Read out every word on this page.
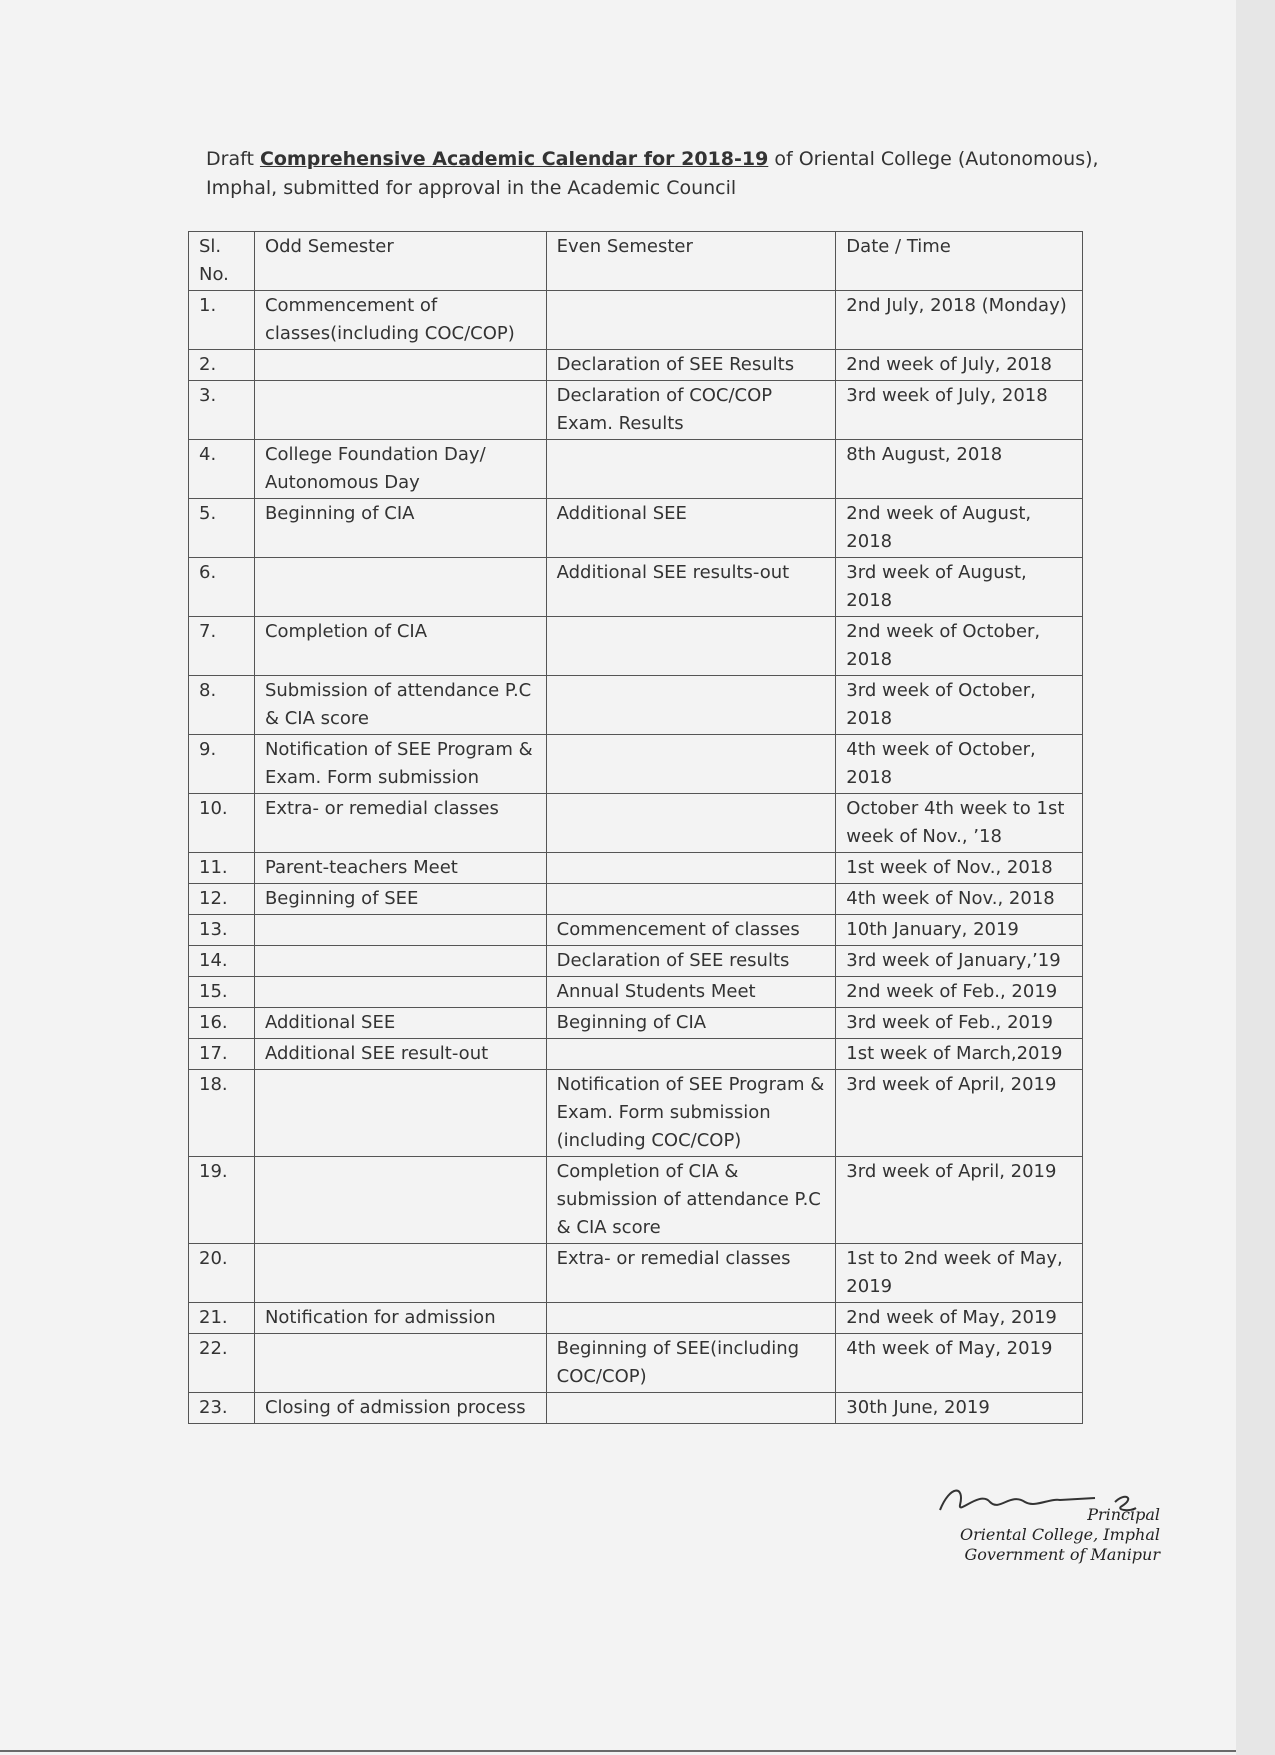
Draft Comprehensive Academic Calendar for 2018-19 of Oriental College (Autonomous),
Imphal, submitted for approval in the Academic Council
Sl. No.	Odd Semester	Even Semester	Date / Time
1.	Commencement of classes(including COC/COP)		2nd July, 2018 (Monday)
2.		Declaration of SEE Results	2nd week of July, 2018
3.		Declaration of COC/COP Exam. Results	3rd week of July, 2018
4.	College Foundation Day/ Autonomous Day		8th August, 2018
5.	Beginning of CIA	Additional SEE	2nd week of August, 2018
6.		Additional SEE results-out	3rd week of August, 2018
7.	Completion of CIA		2nd week of October, 2018
8.	Submission of attendance P.C & CIA score		3rd week of October, 2018
9.	Notification of SEE Program & Exam. Form submission		4th week of October, 2018
10.	Extra- or remedial classes		October 4th week to 1st week of Nov., ’18
11.	Parent-teachers Meet		1st week of Nov., 2018
12.	Beginning of SEE		4th week of Nov., 2018
13.		Commencement of classes	10th January, 2019
14.		Declaration of SEE results	3rd week of January,’19
15.		Annual Students Meet	2nd week of Feb., 2019
16.	Additional SEE	Beginning of CIA	3rd week of Feb., 2019
17.	Additional SEE result-out		1st week of March,2019
18.		Notification of SEE Program & Exam. Form submission (including COC/COP)	3rd week of April, 2019
19.		Completion of CIA & submission of attendance P.C & CIA score	3rd week of April, 2019
20.		Extra- or remedial classes	1st to 2nd week of May, 2019
21.	Notification for admission		2nd week of May, 2019
22.		Beginning of SEE(including COC/COP)	4th week of May, 2019
23.	Closing of admission process		30th June, 2019
Principal
Oriental College, Imphal
Government of Manipur
